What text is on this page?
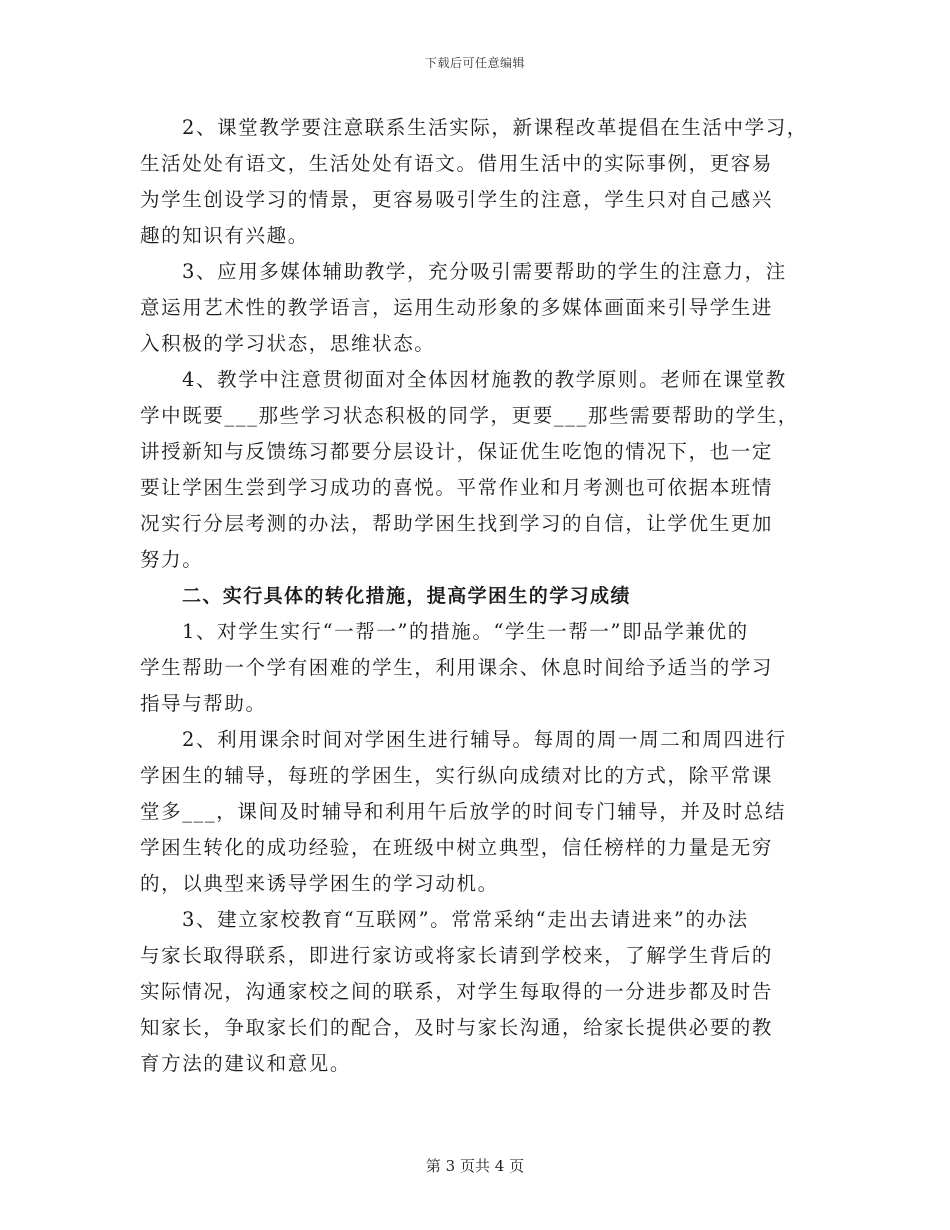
下载后可任意编辑

2、课堂教学要注意联系生活实际，新课程改革提倡在生活中学习，
生活处处有语文，生活处处有语文。借用生活中的实际事例，更容易
为学生创设学习的情景，更容易吸引学生的注意，学生只对自己感兴
趣的知识有兴趣。

3、应用多媒体辅助教学，充分吸引需要帮助的学生的注意力，注
意运用艺术性的教学语言，运用生动形象的多媒体画面来引导学生进
入积极的学习状态，思维状态。

4、教学中注意贯彻面对全体因材施教的教学原则。老师在课堂教
学中既要___那些学习状态积极的同学，更要___那些需要帮助的学生，
讲授新知与反馈练习都要分层设计，保证优生吃饱的情况下，也一定
要让学困生尝到学习成功的喜悦。平常作业和月考测也可依据本班情
况实行分层考测的办法，帮助学困生找到学习的自信，让学优生更加
努力。

二、实行具体的转化措施，提高学困生的学习成绩

1、对学生实行“一帮一”的措施。“学生一帮一”即品学兼优的
学生帮助一个学有困难的学生，利用课余、休息时间给予适当的学习
指导与帮助。

2、利用课余时间对学困生进行辅导。每周的周一周二和周四进行
学困生的辅导，每班的学困生，实行纵向成绩对比的方式，除平常课
堂多___，课间及时辅导和利用午后放学的时间专门辅导，并及时总结
学困生转化的成功经验，在班级中树立典型，信任榜样的力量是无穷
的，以典型来诱导学困生的学习动机。

3、建立家校教育“互联网”。常常采纳“走出去请进来”的办法
与家长取得联系，即进行家访或将家长请到学校来，了解学生背后的
实际情况，沟通家校之间的联系，对学生每取得的一分进步都及时告
知家长，争取家长们的配合，及时与家长沟通，给家长提供必要的教
育方法的建议和意见。

第 3 页共 4 页
